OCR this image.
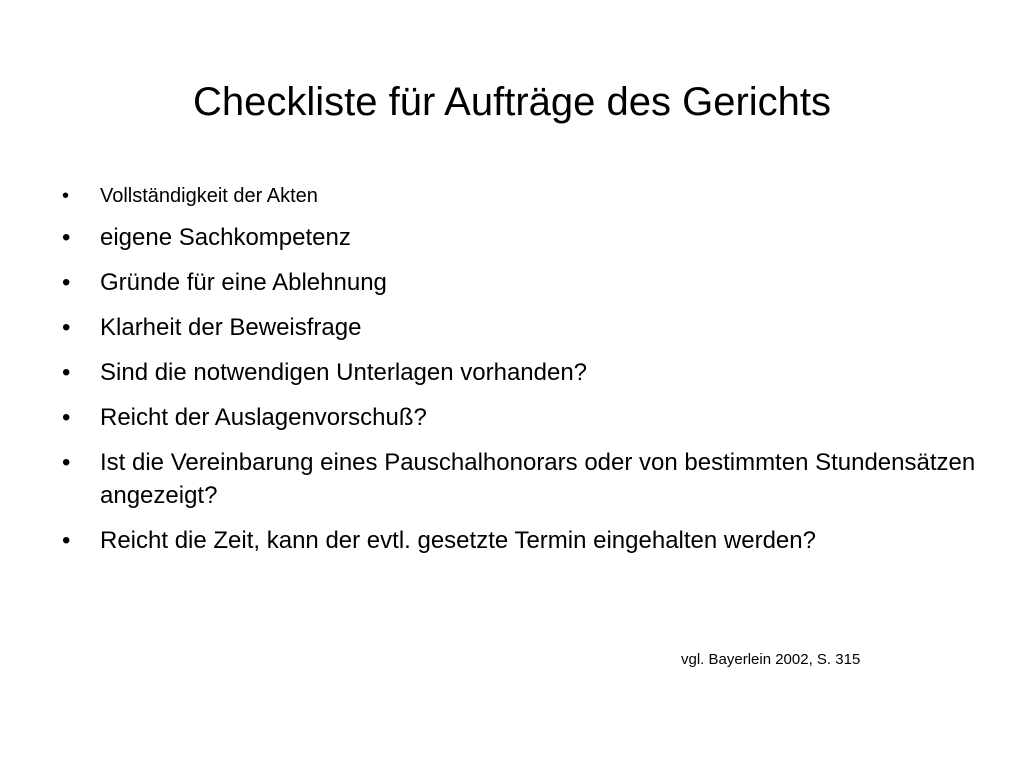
Checkliste für Aufträge des Gerichts
• Vollständigkeit der Akten
• eigene Sachkompetenz
• Gründe für eine Ablehnung
• Klarheit der Beweisfrage
• Sind die notwendigen Unterlagen vorhanden?
• Reicht der Auslagenvorschuß?
• Ist die Vereinbarung eines Pauschalhonorars oder von bestimmten Stundensätzen angezeigt?
• Reicht die Zeit, kann der evtl. gesetzte Termin eingehalten werden?
vgl. Bayerlein 2002, S. 315
